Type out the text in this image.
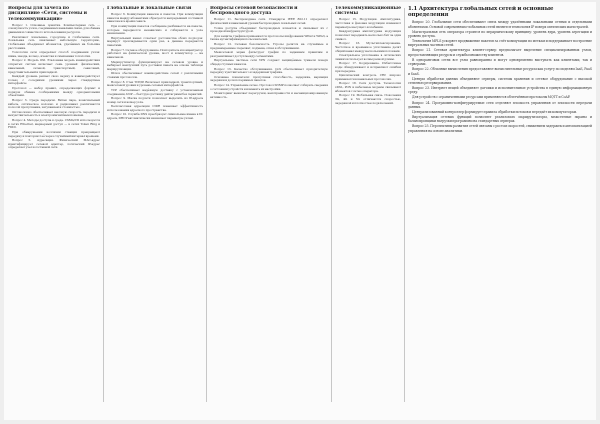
Вопросы для зачета по дисциплине «Сети, системы и телекоммуникации»

Вопрос 1. Основные понятия. Компьютерная сеть — совокупность узлов, соединённых каналами связи, для обмена данными и совместного использования ресурсов.

Различают локальные, городские и глобальные сети. Локальная сеть охватывает небольшую территорию, глобальная объединяет абонентов, удалённых на большие расстояния.

Топология сети определяет способ соединения узлов: шина, звезда, кольцо, ячеистая и смешанная топологии.

Вопрос 2. Модель OSI. Эталонная модель взаимодействия открытых систем включает семь уровней: физический, канальный, сетевой, транспортный, сеансовый, представительный и прикладной.

Каждый уровень решает свою задачу и взаимодействует только с соседними уровнями через стандартные интерфейсы.

Протокол — набор правил, определяющих формат и порядок обмена сообщениями между одноранговыми объектами.

Вопрос 3. Среда передачи. Витая пара, коаксиальный кабель, оптическое волокно и радиоканал различаются полосой пропускания, затуханием и стоимостью.

Оптоволокно обеспечивает высокую скорость передачи и нечувствительность к электромагнитным помехам.

Вопрос 4. Методы доступа к среде. CSMA/CD используется в сетях Ethernet, маркерный доступ — в сетях Token Ring и FDDI.

При обнаружении коллизии станции прекращают передачу и повторяют её через случайный интервал времени.

Вопрос 5. Адресация. Физический MAC-адрес идентифицирует сетевой адаптер, логический IP-адрес определяет узел в составной сети.

Глобальные и локальные связи

Вопрос 6. Коммутация каналов и пакетов. При коммутации каналов между абонентами образуется непрерывный составной канал на всё время сеанса.

При коммутации пакетов сообщение разбивается на пакеты, которые передаются независимо и собираются в узле назначения.

Виртуальный канал сочетает достоинства обоих подходов: маршрут прокладывается один раз, а данные передаются пакетами.

Вопрос 7. Сетевое оборудование. Повторитель и концентратор работают на физическом уровне, мост и коммутатор — на канальном.

Маршрутизатор функционирует на сетевом уровне и выбирает наилучший путь доставки пакета на основе таблицы маршрутизации.

Шлюз обеспечивает взаимодействие сетей с различными стеками протоколов.

Вопрос 8. Стек TCP/IP. Включает прикладной, транспортный, межсетевой уровни и уровень сетевых интерфейсов.

TCP обеспечивает надёжную доставку с установлением соединения, UDP — быструю доставку дейтаграмм без гарантий.

Вопрос 9. Маска подсети позволяет выделить из IP-адреса номер сети и номер узла.

Бесклассовая адресация CIDR повышает эффективность использования адресного пространства.

Вопрос 10. Служба DNS преобразует символьные имена в IP-адреса, DHCP автоматически назначает параметры узлам.

Вопросы сетевой безопасности и беспроводного доступа

Вопрос 11. Беспроводные сети. Стандарты IEEE 802.11 определяют физический и канальный уровни беспроводных локальных сетей.

Точка доступа объединяет беспроводных клиентов и связывает их с проводной инфраструктурой.

Для защиты трафика применяются протоколы шифрования WPA2 и WPA3, а также аутентификация пользователей.

Вопрос 12. Сетевая безопасность. Угрозы делятся на случайные и преднамеренные: перехват, подмена, отказ в обслуживании.

Межсетевой экран фильтрует трафик по заданным правилам и разграничивает доступ между сегментами.

Виртуальные частные сети VPN создают защищённые туннели поверх общедоступных каналов.

Вопрос 13. Качество обслуживания. QoS обеспечивает приоритетную передачу чувствительного к задержкам трафика.

Основные показатели: пропускная способность, задержка, вариация задержки и доля потерянных пакетов.

Вопрос 14. Управление сетью. Протокол SNMP позволяет собирать сведения о состоянии устройств и изменять их настройки.

Мониторинг выявляет перегрузки, неисправности и несанкционированную активность.

Телекоммуникационные системы

Вопрос 15. Модуляция. Амплитудная, частотная и фазовая модуляция изменяют параметры несущего колебания.

Квадратурная амплитудная модуляция позволяет передавать несколько бит за один символ.

Вопрос 16. Мультиплексирование. Частотное и временное уплотнение делят общий канал между несколькими потоками.

Спектральное уплотнение в оптических линиях использует волны разной длины.

Вопрос 17. Кодирование. Избыточные коды обнаруживают и исправляют ошибки при передаче.

Циклический контроль CRC широко применяется в канальных протоколах.

Вопрос 18. Сети доступа. Технологии xDSL, PON и кабельные модемы связывают абонентов с сетью оператора.

Вопрос 19. Мобильная связь. Поколения 3G, 4G и 5G отличаются скоростью, задержкой и плотностью подключений.

1.1 Архитектура глобальных сетей и основные определения

Вопрос 20. Глобальные сети обеспечивают связь между удалёнными локальными сетями и отдельными абонентами. Основой современных глобальных сетей является технология IP поверх оптических магистралей.

Магистральная сеть оператора строится по иерархическому принципу: уровень ядра, уровень агрегации и уровень доступа.

Технология MPLS ускоряет продвижение пакетов за счёт коммутации по меткам и поддерживает построение виртуальных частных сетей.

Вопрос 21. Сетевая архитектура клиент-сервер предполагает выделение специализированных узлов, предоставляющих ресурсы и службы множеству клиентов.

В одноранговых сетях все узлы равноправны и могут одновременно выступать как клиентами, так и серверами.

Вопрос 22. Облачные вычисления предоставляют вычислительные ресурсы как услугу по моделям IaaS, PaaS и SaaS.

Центры обработки данных объединяют серверы, системы хранения и сетевое оборудование с высокой степенью резервирования.

Вопрос 23. Интернет вещей объединяет датчики и исполнительные устройства в единую информационную среду.

Для устройств с ограниченными ресурсами применяются облегчённые протоколы MQTT и CoAP.

Вопрос 24. Программно-конфигурируемые сети отделяют плоскость управления от плоскости передачи данных.

Централизованный контроллер формирует правила обработки потоков и передаёт их коммутаторам.

Виртуализация сетевых функций позволяет реализовать маршрутизаторы, межсетевые экраны и балансировщики нагрузки программно на стандартных серверах.

Вопрос 25. Перспективы развития сетей связаны с ростом скоростей, снижением задержек и автоматизацией управления на основе аналитики.
